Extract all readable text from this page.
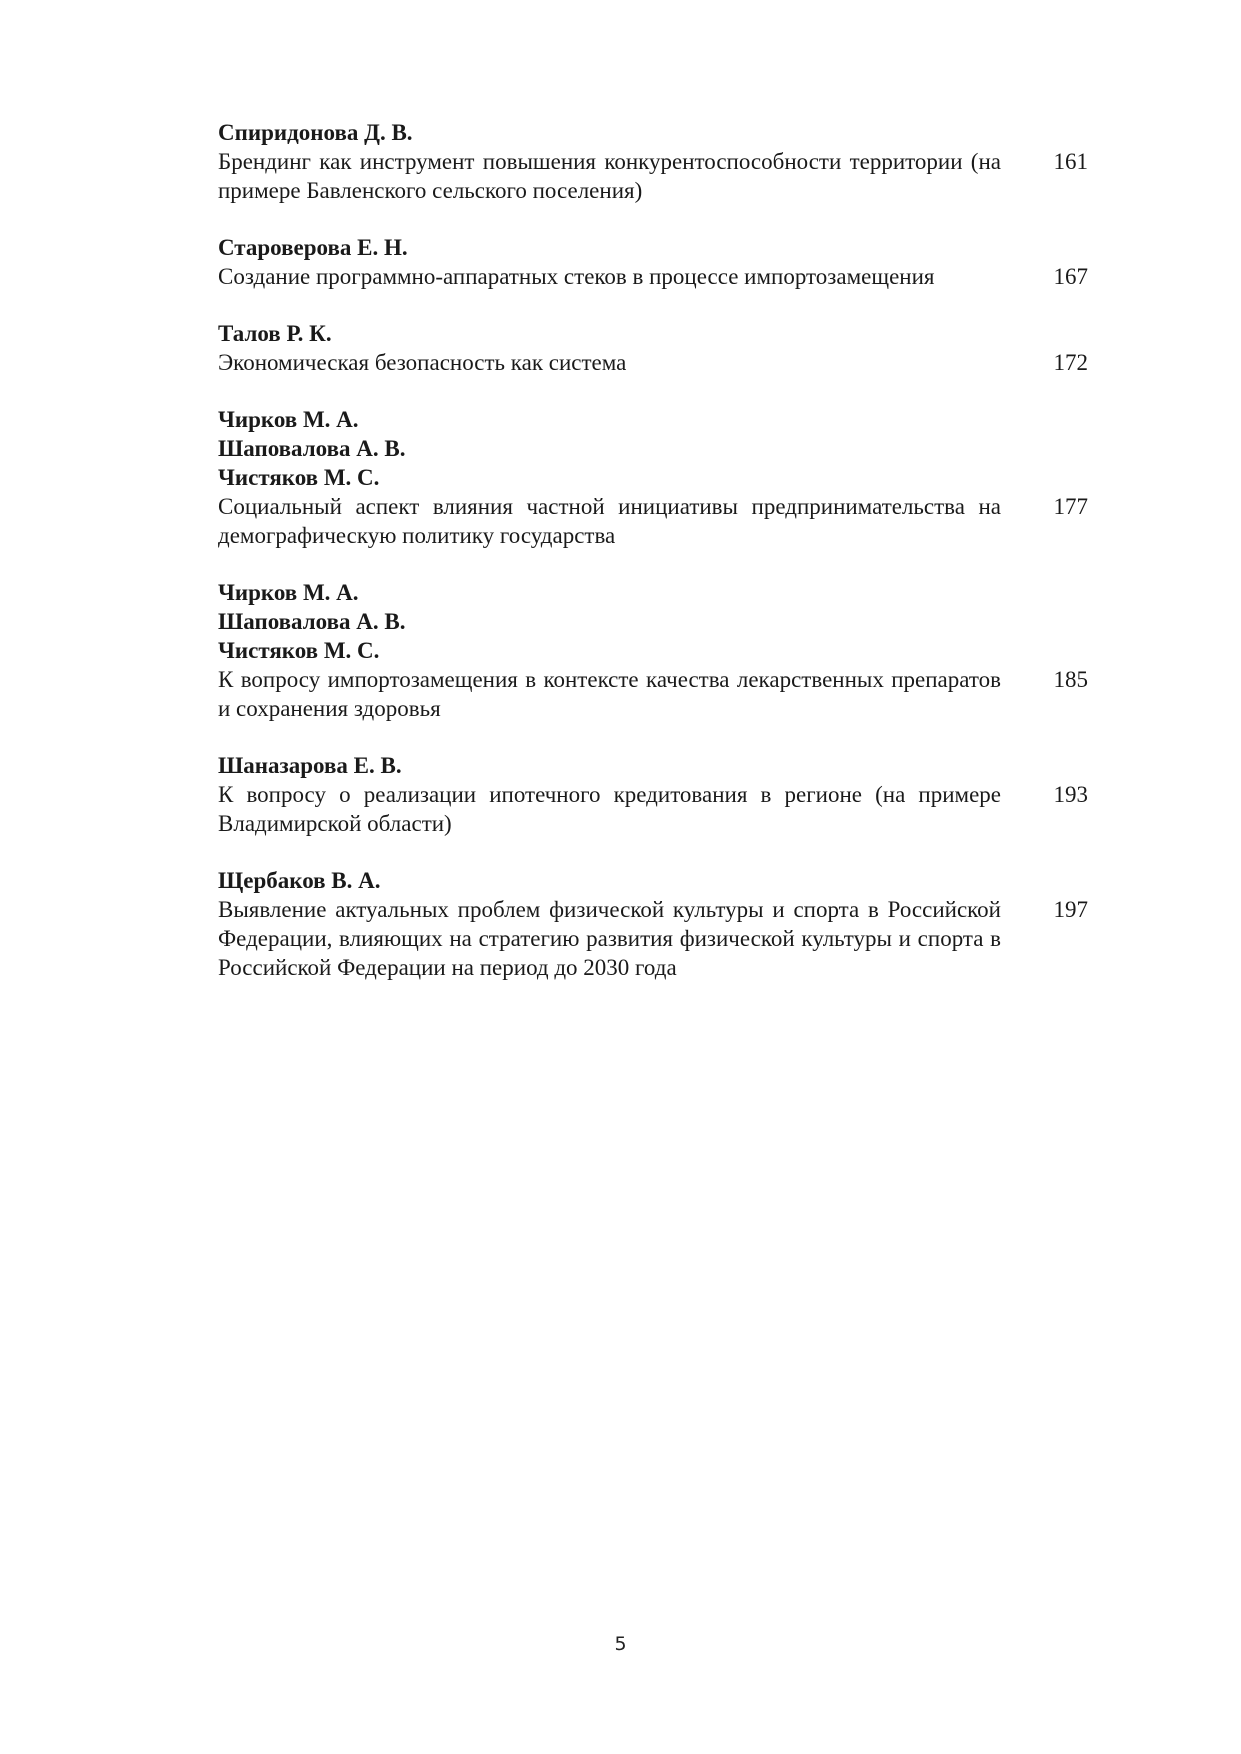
Спиридонова Д. В.
Брендинг как инструмент повышения конкурентоспособности территории (на примере Бавленского сельского поселения)
161
Староверова Е. Н.
Создание программно-аппаратных стеков в процессе импортозамещения	167
Талов Р. К.
Экономическая безопасность как система	172
Чирков М. А.
Шаповалова А. В.
Чистяков М. С.
Социальный аспект влияния частной инициативы предпринимательства на демографическую политику государства
177
Чирков М. А.
Шаповалова А. В.
Чистяков М. С.
К вопросу импортозамещения в контексте качества лекарственных препаратов и сохранения здоровья
185
Шаназарова Е. В.
К вопросу о реализации ипотечного кредитования в регионе (на примере Владимирской области)
193
Щербаков В. А.
Выявление актуальных проблем физической культуры и спорта в Российской Федерации, влияющих на стратегию развития физической культуры и спорта в Российской Федерации на период до 2030 года
197
5
